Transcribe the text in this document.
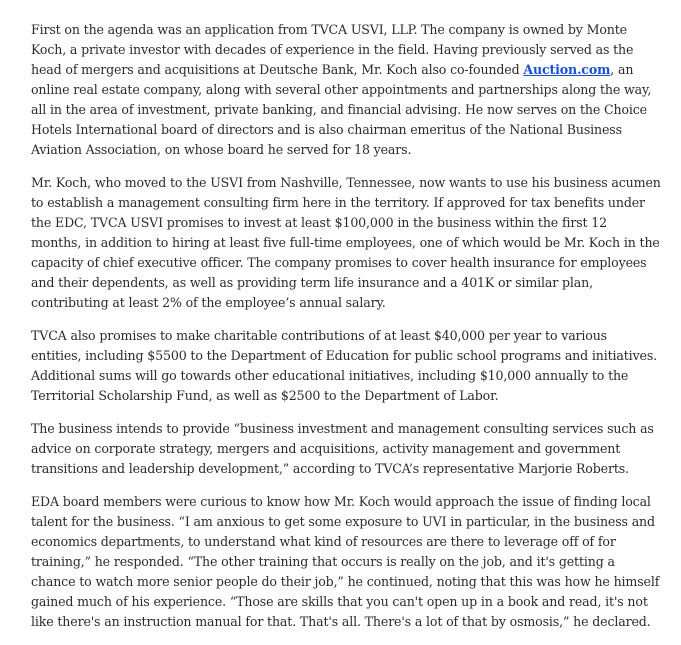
First on the agenda was an application from TVCA USVI, LLP. The company is owned by Monte Koch, a private investor with decades of experience in the field. Having previously served as the head of mergers and acquisitions at Deutsche Bank, Mr. Koch also co-founded Auction.com, an online real estate company, along with several other appointments and partnerships along the way, all in the area of investment, private banking, and financial advising. He now serves on the Choice Hotels International board of directors and is also chairman emeritus of the National Business Aviation Association, on whose board he served for 18 years.

Mr. Koch, who moved to the USVI from Nashville, Tennessee, now wants to use his business acumen to establish a management consulting firm here in the territory. If approved for tax benefits under the EDC, TVCA USVI promises to invest at least $100,000 in the business within the first 12 months, in addition to hiring at least five full-time employees, one of which would be Mr. Koch in the capacity of chief executive officer. The company promises to cover health insurance for employees and their dependents, as well as providing term life insurance and a 401K or similar plan, contributing at least 2% of the employee’s annual salary.

TVCA also promises to make charitable contributions of at least $40,000 per year to various entities, including $5500 to the Department of Education for public school programs and initiatives. Additional sums will go towards other educational initiatives, including $10,000 annually to the Territorial Scholarship Fund, as well as $2500 to the Department of Labor.

The business intends to provide “business investment and management consulting services such as advice on corporate strategy, mergers and acquisitions, activity management and government transitions and leadership development,” according to TVCA’s representative Marjorie Roberts.

EDA board members were curious to know how Mr. Koch would approach the issue of finding local talent for the business. “I am anxious to get some exposure to UVI in particular, in the business and economics departments, to understand what kind of resources are there to leverage off of for training,” he responded. “The other training that occurs is really on the job, and it's getting a chance to watch more senior people do their job,” he continued, noting that this was how he himself gained much of his experience. “Those are skills that you can't open up in a book and read, it's not like there's an instruction manual for that. That's all. There's a lot of that by osmosis,” he declared.
